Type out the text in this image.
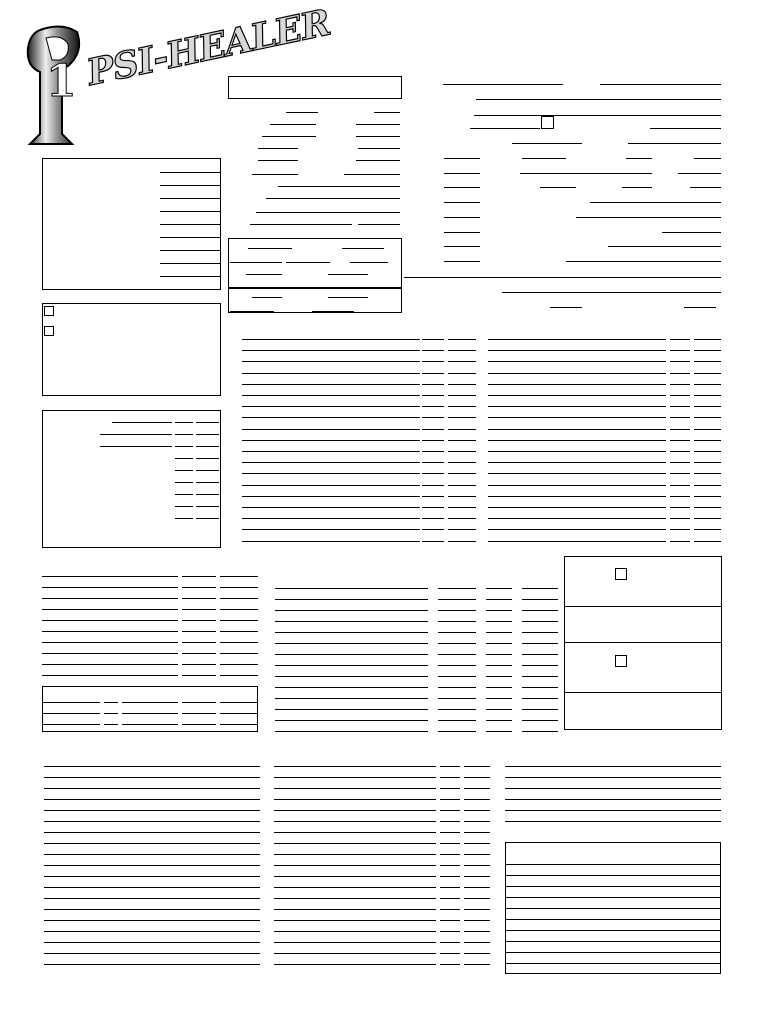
1 PSI-HEALER
